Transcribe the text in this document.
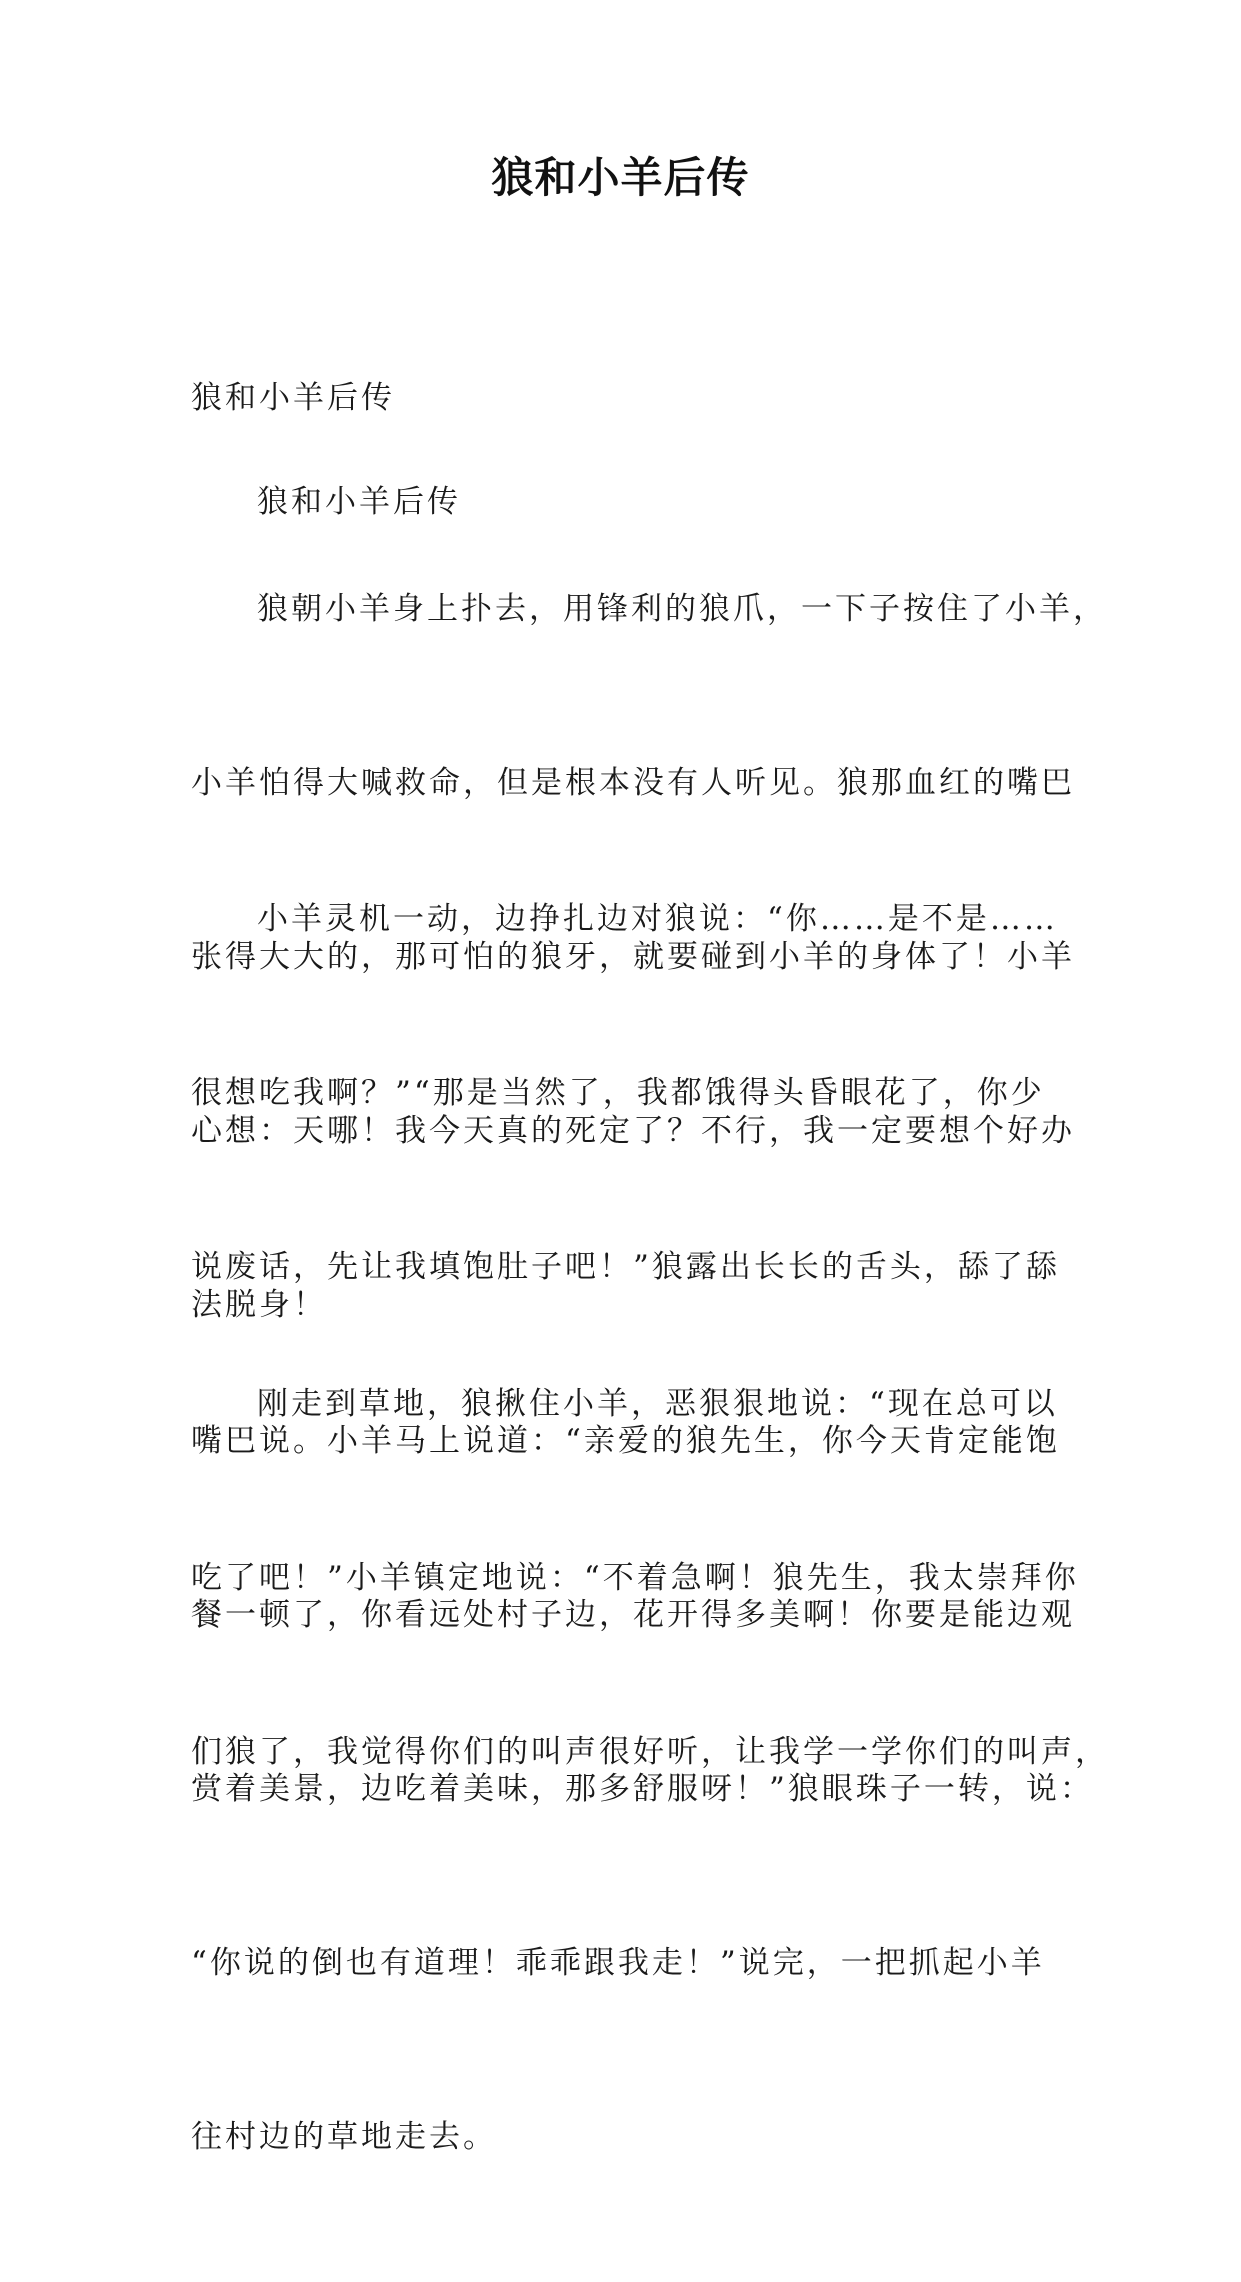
狼和小羊后传

狼和小羊后传

狼和小羊后传

狼朝小羊身上扑去，用锋利的狼爪，一下子按住了小羊，

小羊怕得大喊救命，但是根本没有人听见。狼那血红的嘴巴

张得大大的，那可怕的狼牙，就要碰到小羊的身体了！小羊

心想：天哪！我今天真的死定了？不行，我一定要想个好办

法脱身！

小羊灵机一动，边挣扎边对狼说：“你……是不是……

很想吃我啊？”“那是当然了，我都饿得头昏眼花了，你少

说废话，先让我填饱肚子吧！”狼露出长长的舌头，舔了舔

嘴巴说。小羊马上说道：“亲爱的狼先生，你今天肯定能饱

餐一顿了，你看远处村子边，花开得多美啊！你要是能边观

赏着美景，边吃着美味，那多舒服呀！”狼眼珠子一转，说：

“你说的倒也有道理！乖乖跟我走！”说完，一把抓起小羊

往村边的草地走去。

刚走到草地，狼揪住小羊，恶狠狠地说：“现在总可以

吃了吧！”小羊镇定地说：“不着急啊！狼先生，我太崇拜你

们狼了，我觉得你们的叫声很好听，让我学一学你们的叫声，
